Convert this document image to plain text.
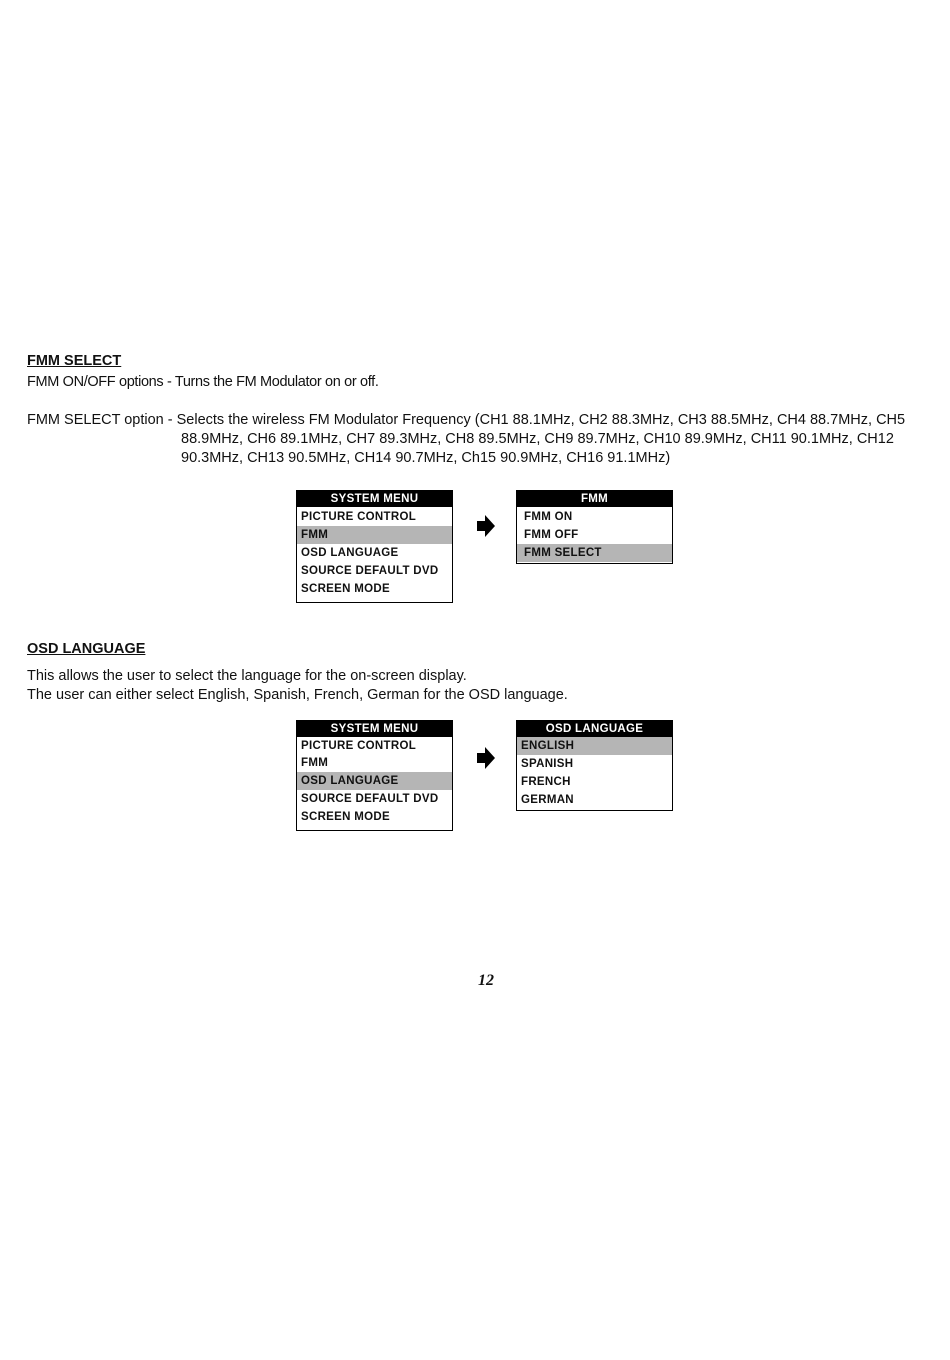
FMM SELECT
FMM ON/OFF options - Turns the FM Modulator on or off.
FMM SELECT option - Selects the wireless FM Modulator Frequency (CH1 88.1MHz, CH2 88.3MHz, CH3 88.5MHz, CH4 88.7MHz, CH5
88.9MHz, CH6 89.1MHz, CH7 89.3MHz, CH8 89.5MHz, CH9 89.7MHz, CH10 89.9MHz, CH11 90.1MHz, CH12
90.3MHz, CH13 90.5MHz, CH14 90.7MHz, Ch15 90.9MHz, CH16 91.1MHz)
SYSTEM MENU
PICTURE CONTROL
FMM
OSD LANGUAGE
SOURCE DEFAULT DVD
SCREEN MODE
FMM
FMM ON
FMM OFF
FMM SELECT
OSD LANGUAGE
This allows the user to select the language for the on-screen display.
The user can either select English, Spanish, French, German for the OSD language.
SYSTEM MENU
PICTURE CONTROL
FMM
OSD LANGUAGE
SOURCE DEFAULT DVD
SCREEN MODE
OSD LANGUAGE
ENGLISH
SPANISH
FRENCH
GERMAN
12
